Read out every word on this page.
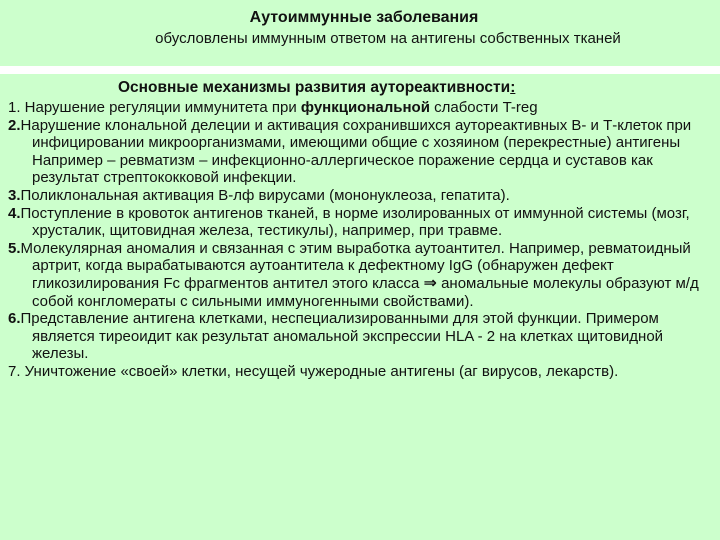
Аутоиммунные заболевания
обусловлены иммунным ответом на антигены собственных тканей
Основные механизмы развития аутореактивности:

1. Нарушение регуляции иммунитета при функциональной слабости T-reg

2.Нарушение клональной делеции и активация сохранившихся аутореактивных В- и Т-клеток при инфицировании микроорганизмами, имеющими общие с хозяином (перекрестные) антигены Например – ревматизм – инфекционно-аллергическое поражение сердца и суставов как результат стрептококковой инфекции.

3.Поликлональная активация В-лф вирусами (мононуклеоза, гепатита).

4.Поступление в кровоток антигенов тканей, в норме изолированных от иммунной системы (мозг, хрусталик, щитовидная железа, тестикулы), например, при травме.

5.Молекулярная аномалия и связанная с этим выработка аутоантител. Например, ревматоидный артрит, когда вырабатываются аутоантитела к дефектному IgG (обнаружен дефект гликозилирования Fc фрагментов антител этого класса ⇒ аномальные молекулы образуют м/д собой конгломераты с сильными иммуногенными свойствами).

6.Представление антигена клетками, неспециализированными для этой функции. Примером является тиреоидит как результат аномальной экспрессии HLA - 2 на клетках щитовидной железы.

7. Уничтожение «своей» клетки, несущей чужеродные антигены (аг вирусов, лекарств).
